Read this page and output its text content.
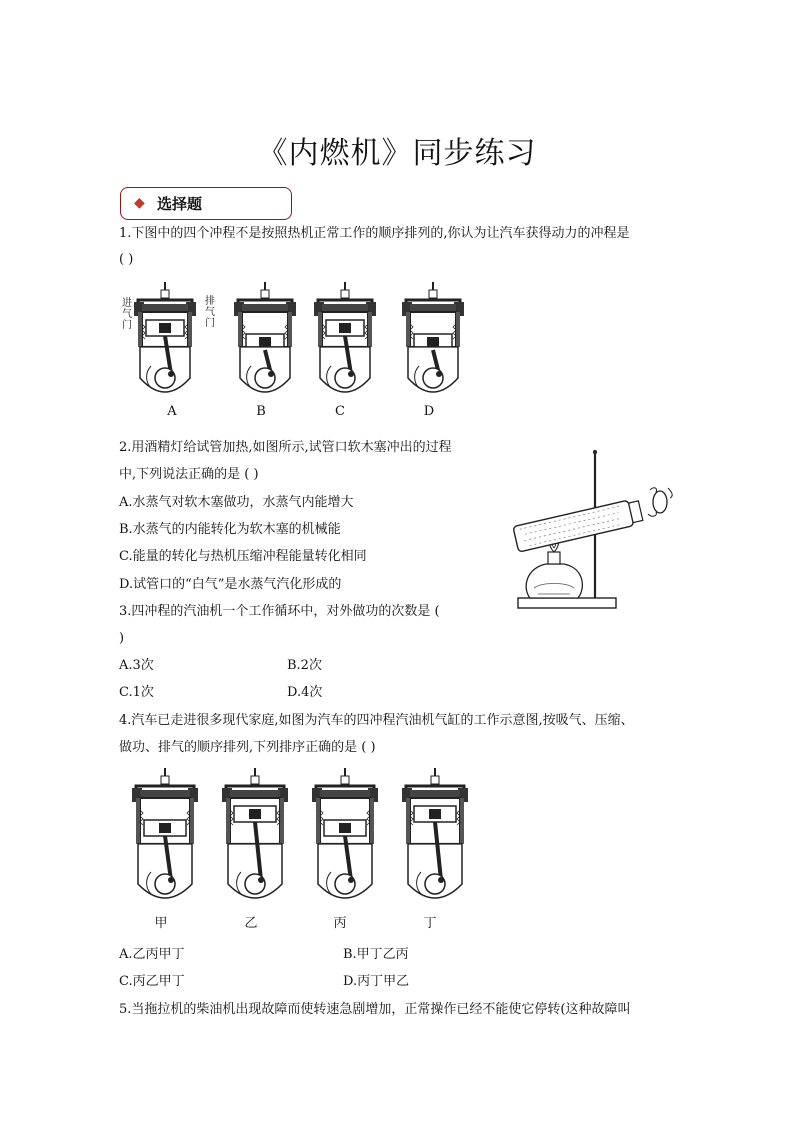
《内燃机》同步练习
◆ 选择题
1.下图中的四个冲程不是按照热机正常工作的顺序排列的,你认为让汽车获得动力的冲程是
( )
进气门
排气门
A	B	C	D
2.用酒精灯给试管加热,如图所示,试管口软木塞冲出的过程
中,下列说法正确的是 ( )
A.水蒸气对软木塞做功，水蒸气内能增大
B.水蒸气的内能转化为软木塞的机械能
C.能量的转化与热机压缩冲程能量转化相同
D.试管口的“白气”是水蒸气汽化形成的
3.四冲程的汽油机一个工作循环中，对外做功的次数是 (
)
A.3次	B.2次
C.1次	D.4次
4.汽车已走进很多现代家庭,如图为汽车的四冲程汽油机气缸的工作示意图,按吸气、压缩、
做功、排气的顺序排列,下列排序正确的是 ( )
甲	乙	丙	丁
A.乙丙甲丁	B.甲丁乙丙
C.丙乙甲丁	D.丙丁甲乙
5.当拖拉机的柴油机出现故障而使转速急剧增加，正常操作已经不能使它停转(这种故障叫
